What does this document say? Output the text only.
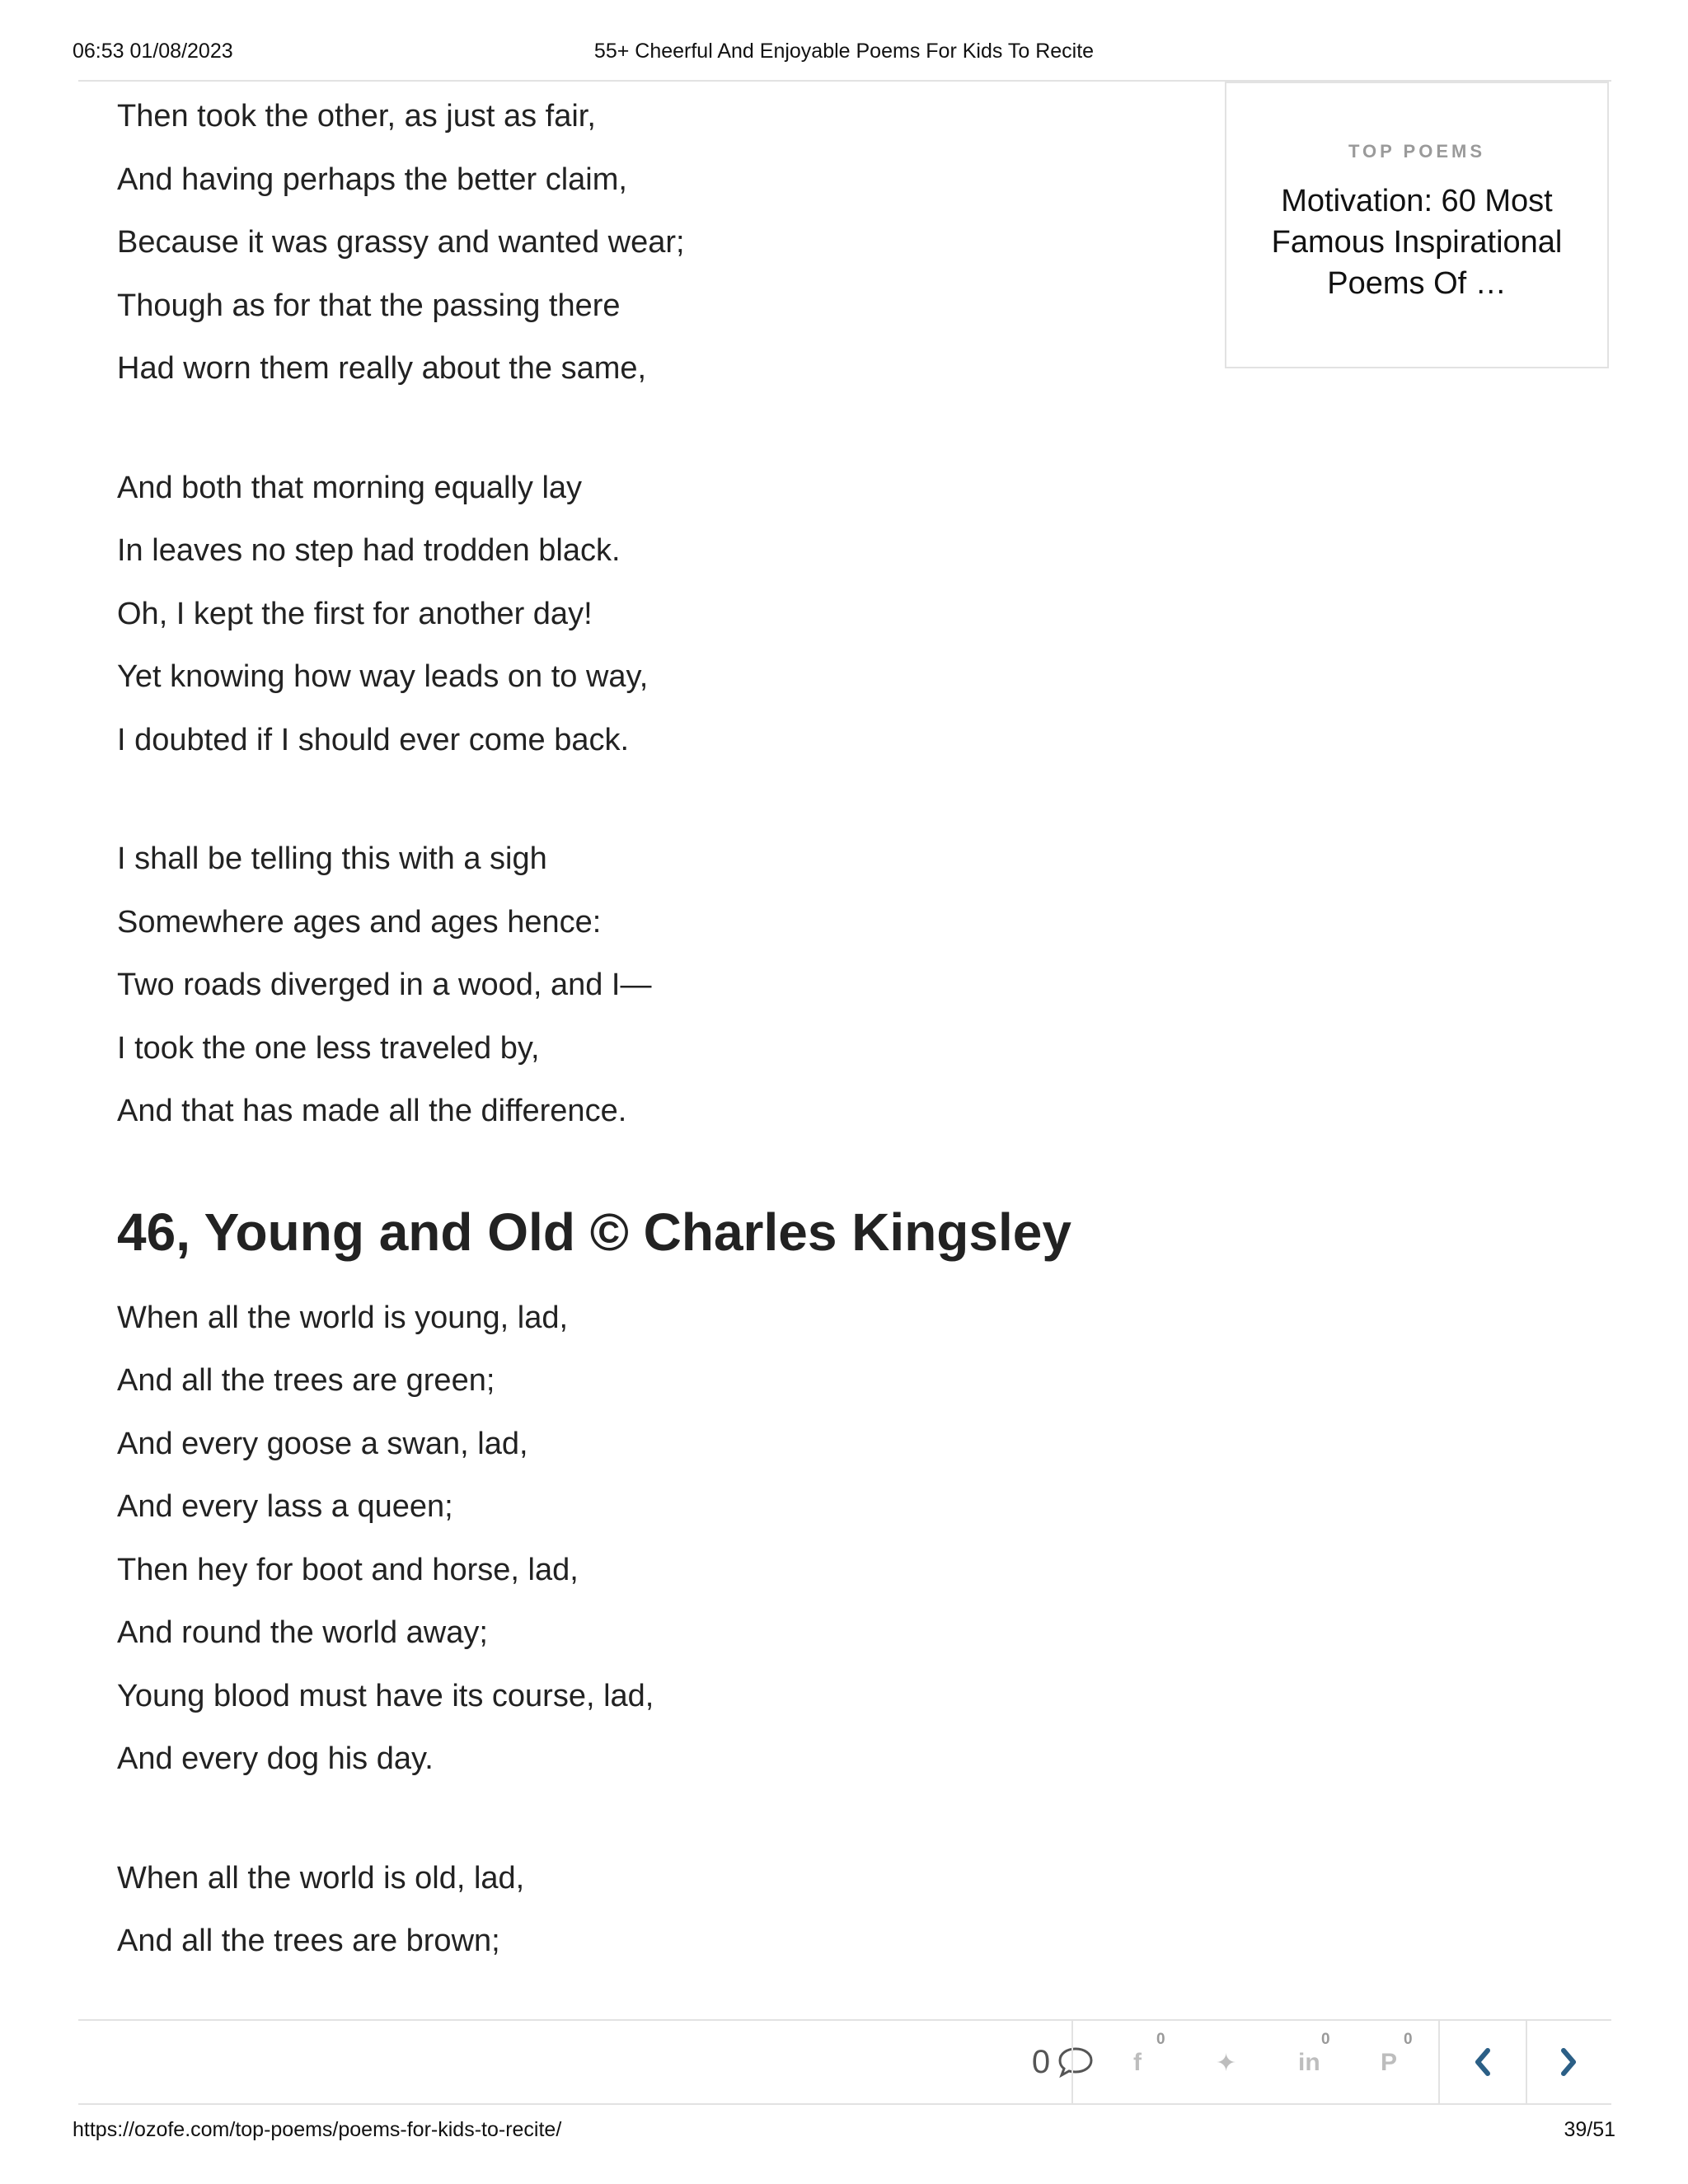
06:53 01/08/2023	55+ Cheerful And Enjoyable Poems For Kids To Recite
Then took the other, as just as fair,
And having perhaps the better claim,
Because it was grassy and wanted wear;
Though as for that the passing there
Had worn them really about the same,
And both that morning equally lay
In leaves no step had trodden black.
Oh, I kept the first for another day!
Yet knowing how way leads on to way,
I doubted if I should ever come back.
I shall be telling this with a sigh
Somewhere ages and ages hence:
Two roads diverged in a wood, and I—
I took the one less traveled by,
And that has made all the difference.
46, Young and Old © Charles Kingsley
When all the world is young, lad,
And all the trees are green;
And every goose a swan, lad,
And every lass a queen;
Then hey for boot and horse, lad,
And round the world away;
Young blood must have its course, lad,
And every dog his day.
When all the world is old, lad,
And all the trees are brown;
TOP POEMS
Motivation: 60 Most Famous Inspirational Poems Of …
0	f
0
✦ in
0
P
0
https://ozofe.com/top-poems/poems-for-kids-to-recite/	39/51
